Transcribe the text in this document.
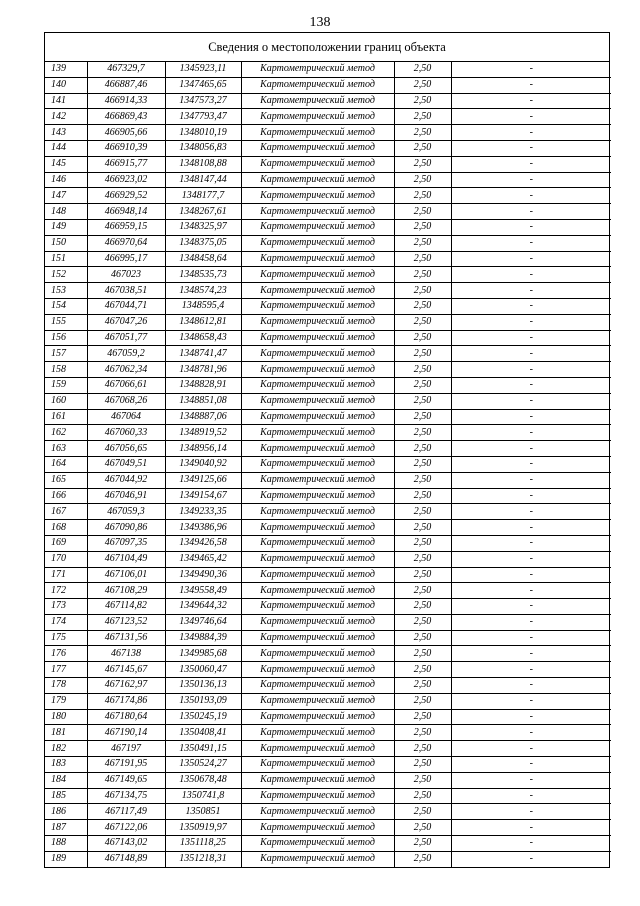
138
Сведения о местоположении границ объекта
139	467329,7	1345923,11	Картометрический метод	2,50	-
140	466887,46	1347465,65	Картометрический метод	2,50	-
141	466914,33	1347573,27	Картометрический метод	2,50	-
142	466869,43	1347793,47	Картометрический метод	2,50	-
143	466905,66	1348010,19	Картометрический метод	2,50	-
144	466910,39	1348056,83	Картометрический метод	2,50	-
145	466915,77	1348108,88	Картометрический метод	2,50	-
146	466923,02	1348147,44	Картометрический метод	2,50	-
147	466929,52	1348177,7	Картометрический метод	2,50	-
148	466948,14	1348267,61	Картометрический метод	2,50	-
149	466959,15	1348325,97	Картометрический метод	2,50	-
150	466970,64	1348375,05	Картометрический метод	2,50	-
151	466995,17	1348458,64	Картометрический метод	2,50	-
152	467023	1348535,73	Картометрический метод	2,50	-
153	467038,51	1348574,23	Картометрический метод	2,50	-
154	467044,71	1348595,4	Картометрический метод	2,50	-
155	467047,26	1348612,81	Картометрический метод	2,50	-
156	467051,77	1348658,43	Картометрический метод	2,50	-
157	467059,2	1348741,47	Картометрический метод	2,50	-
158	467062,34	1348781,96	Картометрический метод	2,50	-
159	467066,61	1348828,91	Картометрический метод	2,50	-
160	467068,26	1348851,08	Картометрический метод	2,50	-
161	467064	1348887,06	Картометрический метод	2,50	-
162	467060,33	1348919,52	Картометрический метод	2,50	-
163	467056,65	1348956,14	Картометрический метод	2,50	-
164	467049,51	1349040,92	Картометрический метод	2,50	-
165	467044,92	1349125,66	Картометрический метод	2,50	-
166	467046,91	1349154,67	Картометрический метод	2,50	-
167	467059,3	1349233,35	Картометрический метод	2,50	-
168	467090,86	1349386,96	Картометрический метод	2,50	-
169	467097,35	1349426,58	Картометрический метод	2,50	-
170	467104,49	1349465,42	Картометрический метод	2,50	-
171	467106,01	1349490,36	Картометрический метод	2,50	-
172	467108,29	1349558,49	Картометрический метод	2,50	-
173	467114,82	1349644,32	Картометрический метод	2,50	-
174	467123,52	1349746,64	Картометрический метод	2,50	-
175	467131,56	1349884,39	Картометрический метод	2,50	-
176	467138	1349985,68	Картометрический метод	2,50	-
177	467145,67	1350060,47	Картометрический метод	2,50	-
178	467162,97	1350136,13	Картометрический метод	2,50	-
179	467174,86	1350193,09	Картометрический метод	2,50	-
180	467180,64	1350245,19	Картометрический метод	2,50	-
181	467190,14	1350408,41	Картометрический метод	2,50	-
182	467197	1350491,15	Картометрический метод	2,50	-
183	467191,95	1350524,27	Картометрический метод	2,50	-
184	467149,65	1350678,48	Картометрический метод	2,50	-
185	467134,75	1350741,8	Картометрический метод	2,50	-
186	467117,49	1350851	Картометрический метод	2,50	-
187	467122,06	1350919,97	Картометрический метод	2,50	-
188	467143,02	1351118,25	Картометрический метод	2,50	-
189	467148,89	1351218,31	Картометрический метод	2,50	-
